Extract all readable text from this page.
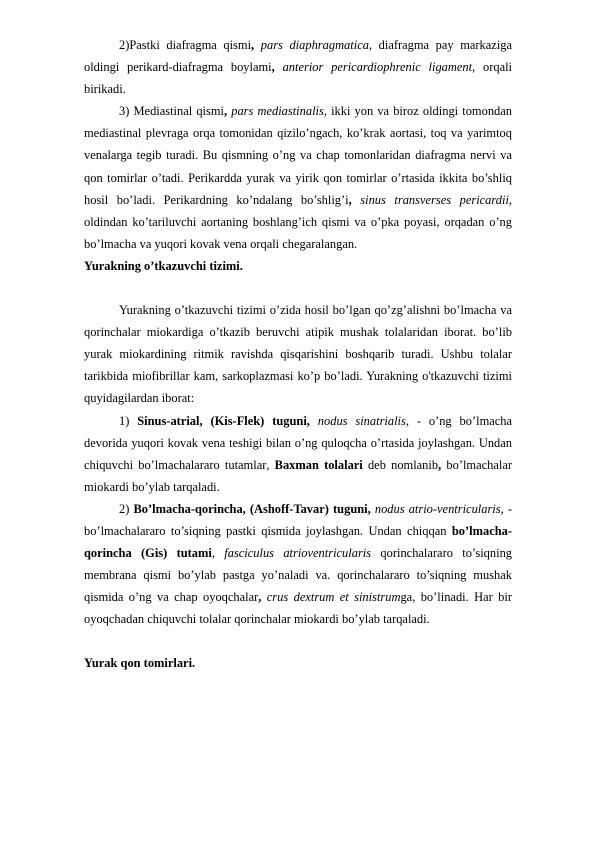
2)Pastki diafragma qismi, pars diaphragmatica, diafragma pay markaziga oldingi perikard-diafragma boylami, anterior pericardiophrenic ligament, orqali birikadi.

3) Mediastinal qismi, pars mediastinalis, ikki yon va biroz oldingi tomondan mediastinal plevraga orqa tomonidan qizilo’ngach, ko’krak aortasi, toq va yarimtoq venalarga tegib turadi. Bu qismning o’ng va chap tomonlaridan diafragma nervi va qon tomirlar o’tadi. Perikardda yurak va yirik qon tomirlar o’rtasida ikkita bo’shliq hosil bo’ladi. Perikardning ko’ndalang bo’shlig’i, sinus transverses pericardii, oldindan ko’tariluvchi aortaning boshlang’ich qismi va o’pka poyasi, orqadan o’ng bo’lmacha va yuqori kovak vena orqali chegaralangan.

Yurakning o’tkazuvchi tizimi.

Yurakning o’tkazuvchi tizimi o’zida hosil bo’lgan qo’zg’alishni bo’lmacha va qorinchalar miokardiga o’tkazib beruvchi atipik mushak tolalaridan iborat. bo’lib yurak miokardining ritmik ravishda qisqarishini boshqarib turadi. Ushbu tolalar tarikbida miofibrillar kam, sarkoplazmasi ko’p bo’ladi. Yurakning o'tkazuvchi tizimi quyidagilardan iborat:

1) Sinus-atrial, (Kis-Flek) tuguni, nodus sinatrialis, - o’ng bo’lmacha devorida yuqori kovak vena teshigi bilan o’ng quloqcha o’rtasida joylashgan. Undan chiquvchi bo’lmachalararo tutamlar, Baxman tolalari deb nomlanib, bo’lmachalar miokardi bo’ylab tarqaladi.

2) Bo’lmacha-qorincha, (Ashoff-Tavar) tuguni, nodus atrio-ventricularis, - bo’lmachalararo to’siqning pastki qismida joylashgan. Undan chiqqan bo’lmacha-qorincha (Gis) tutami, fasciculus atrioventricularis qorinchalararo to’siqning membrana qismi bo’ylab pastga yo’naladi va. qorinchalararo to’siqning mushak qismida o’ng va chap oyoqchalar, crus dextrum et sinistrumga, bo’linadi. Har bir oyoqchadan chiquvchi tolalar qorinchalar miokardi bo’ylab tarqaladi.

Yurak qon tomirlari.
